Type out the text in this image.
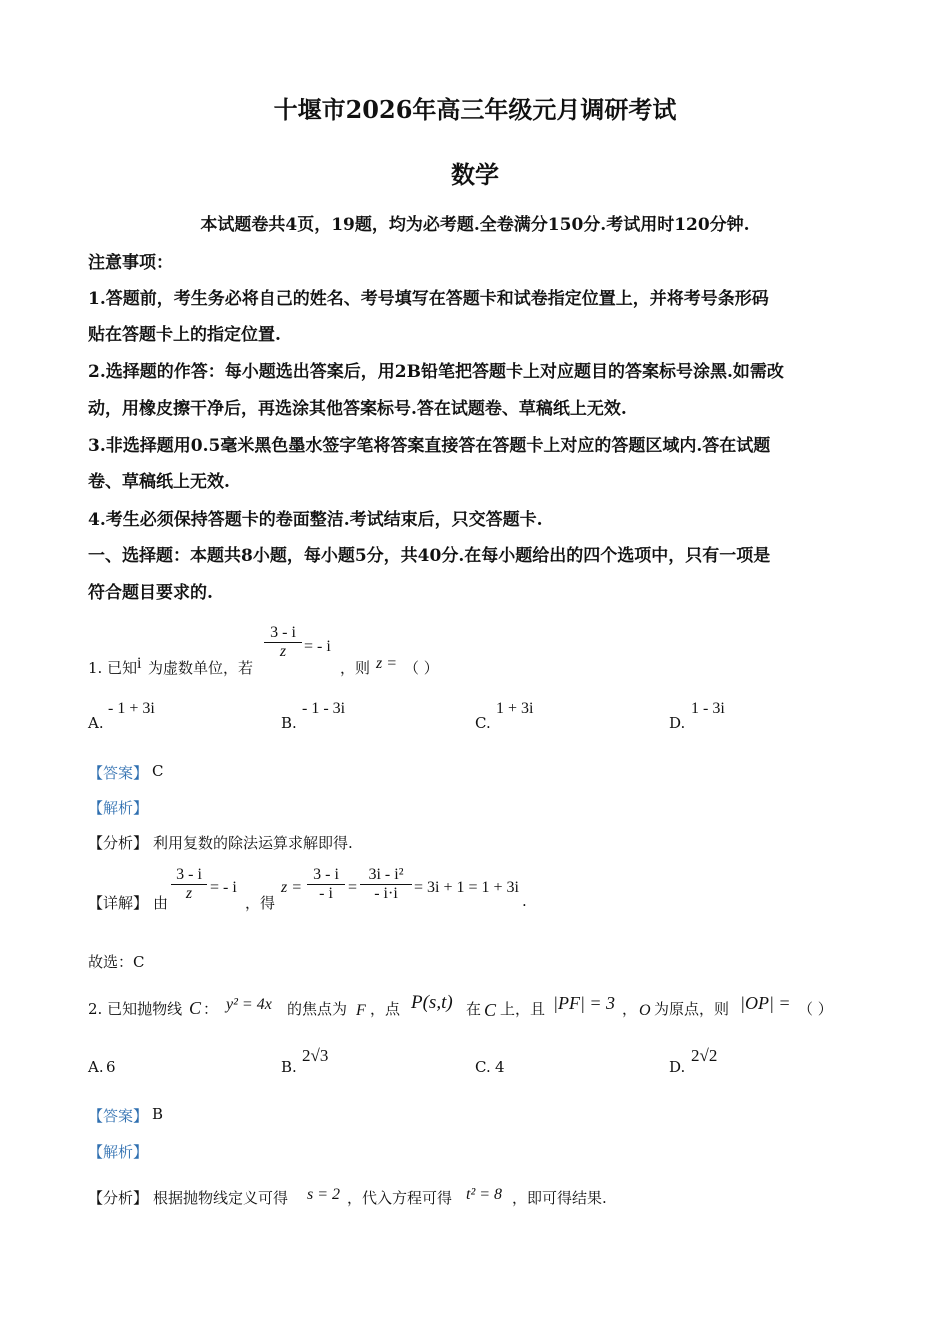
十堰市2026年高三年级元月调研考试
数学
本试题卷共4页，19题，均为必考题.全卷满分150分.考试用时120分钟.
注意事项：
1.答题前，考生务必将自己的姓名、考号填写在答题卡和试卷指定位置上，并将考号条形码
贴在答题卡上的指定位置.
2.选择题的作答：每小题选出答案后，用2B铅笔把答题卡上对应题目的答案标号涂黑.如需改
动，用橡皮擦干净后，再选涂其他答案标号.答在试题卷、草稿纸上无效.
3.非选择题用0.5毫米黑色墨水签字笔将答案直接答在答题卡上对应的答题区域内.答在试题
卷、草稿纸上无效.
4.考生必须保持答题卡的卷面整洁.考试结束后，只交答题卡.
一、选择题：本题共8小题，每小题5分，共40分.在每小题给出的四个选项中，只有一项是
符合题目要求的.
1. 已知 i 为虚数单位，若
3 - i
z	= - i
，则 z = （ ）
A.
- 1 + 3i
B.
- 1 - 3i
C.
1 + 3i
D.
1 - 3i
【答案】 C
【解析】
【分析】 利用复数的除法运算求解即得.
【详解】 由
3 - i
z	= - i
，得
z =
3 - i
- i =
3i - i²
- i·i	= 3i + 1 = 1 + 3i
.
故选：C
2. 已知抛物线 C ： y² = 4x 的焦点为 F ，点 P(s,t) 在 C 上，且 |PF| = 3 ， O 为原点，则 |OP| = （ ）
A. 6	B.
2√3
C. 4	D.
2√2
【答案】 B
【解析】
【分析】 根据抛物线定义可得 s = 2 ，代入方程可得 t² = 8 ，即可得结果.
